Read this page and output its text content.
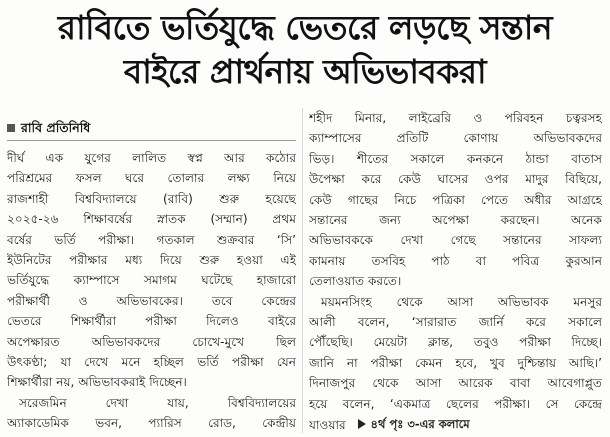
রাবিতে ভর্তিযুদ্ধে ভেতরে লড়ছে সন্তান
বাইরে প্রার্থনায় অভিভাবকরা
রাবি প্রতিনিধি
দীর্ঘ এক যুগের লালিত স্বপ্ন আর কঠোর
পরিশ্রমের ফসল ঘরে তোলার লক্ষ্য নিয়ে
রাজশাহী বিশ্ববিদ্যালয়ে (রাবি) শুরু হয়েছে
২০২৫-২৬ শিক্ষাবর্ষের স্নাতক (সম্মান) প্রথম
বর্ষের ভর্তি পরীক্ষা। গতকাল শুক্রবার ‘সি’
ইউনিটের পরীক্ষার মধ্য দিয়ে শুরু হওয়া এই
ভর্তিযুদ্ধে ক্যাম্পাসে সমাগম ঘটেছে হাজারো
পরীক্ষার্থী ও অভিভাবকের। তবে কেন্দ্রের
ভেতরে শিক্ষার্থীরা পরীক্ষা দিলেও বাইরে
অপেক্ষারত অভিভাবকদের চোখে-মুখে ছিল
উৎকণ্ঠা; যা দেখে মনে হচ্ছিল ভর্তি পরীক্ষা যেন
শিক্ষার্থীরা নয়, অভিভাবকরাই দিচ্ছেন।
সরেজমিন দেখা যায়, বিশ্ববিদ্যালয়ের
অ্যাকাডেমিক ভবন, প্যারিস রোড, কেন্দ্রীয়
শহীদ মিনার, লাইব্রেরি ও পরিবহন চত্বরসহ
ক্যাম্পাসের প্রতিটি কোণায় অভিভাবকদের
ভিড়। শীতের সকালে কনকনে ঠান্ডা বাতাস
উপেক্ষা করে কেউ ঘাসের ওপর মাদুর বিছিয়ে,
কেউ গাছের নিচে পত্রিকা পেতে অধীর আগ্রহে
সন্তানের জন্য অপেক্ষা করছেন। অনেক
অভিভাবককে দেখা গেছে সন্তানের সাফল্য
কামনায় তসবিহ পাঠ বা পবিত্র কুরআন
তেলাওয়াত করতে।
ময়মনসিংহ থেকে আসা অভিভাবক মনসুর
আলী বলেন, ‘সারারাত জার্নি করে সকালে
পৌঁছেছি। মেয়েটা ক্লান্ত, তবুও পরীক্ষা দিচ্ছে।
জানি না পরীক্ষা কেমন হবে, খুব দুশ্চিন্তায় আছি।’
দিনাজপুর থেকে আসা আরেক বাবা আবেগাপ্লুত
হয়ে বলেন, ‘একমাত্র ছেলের পরীক্ষা। সে কেন্দ্রে
যাওয়ার ৪র্থ পৃঃ ৩-এর কলামে
